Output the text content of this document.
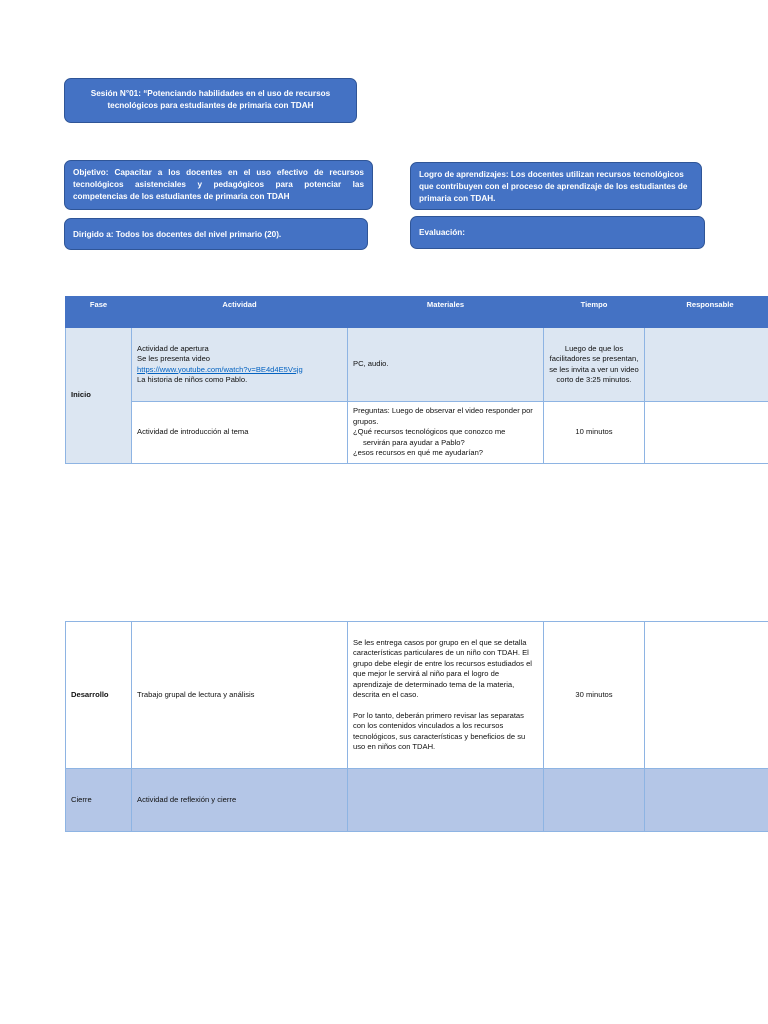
Sesión N°01: “Potenciando habilidades en el uso de recursos tecnológicos para estudiantes de primaria con TDAH
Objetivo: Capacitar a los docentes en el uso efectivo de recursos tecnológicos asistenciales y pedagógicos para potenciar las competencias de los estudiantes de primaria con TDAH
Dirigido a: Todos los docentes del nivel primario (20).
Logro de aprendizajes: Los docentes utilizan recursos tecnológicos que contribuyen con el proceso de aprendizaje de los estudiantes de primaria con TDAH.
Evaluación:
Fase	Actividad	Materiales	Tiempo	Responsable
Inicio	Actividad de apertura
Se les presenta video
https://www.youtube.com/watch?v=BE4d4E5Vsjg
La historia de niños como Pablo.	PC, audio.	Luego de que los facilitadores se presentan, se les invita a ver un video corto de 3:25 minutos.	
	Actividad de introducción al tema	Preguntas: Luego de observar el video responder por grupos.
¿Qué recursos tecnológicos que conozco me
servirán para ayudar a Pablo?
¿esos recursos en qué me ayudarían?	10 minutos	
Desarrollo	Trabajo grupal de lectura y análisis	Se les entrega casos por grupo en el que se detalla características particulares de un niño con TDAH. El grupo debe elegir de entre los recursos estudiados el que mejor le servirá al niño para el logro de aprendizaje de determinado tema de la materia, descrita en el caso.
Por lo tanto, deberán primero revisar las separatas con los contenidos vinculados a los recursos tecnológicos, sus características y beneficios de su uso en niños con TDAH.	30 minutos	
Cierre	Actividad de reflexión y cierre			
